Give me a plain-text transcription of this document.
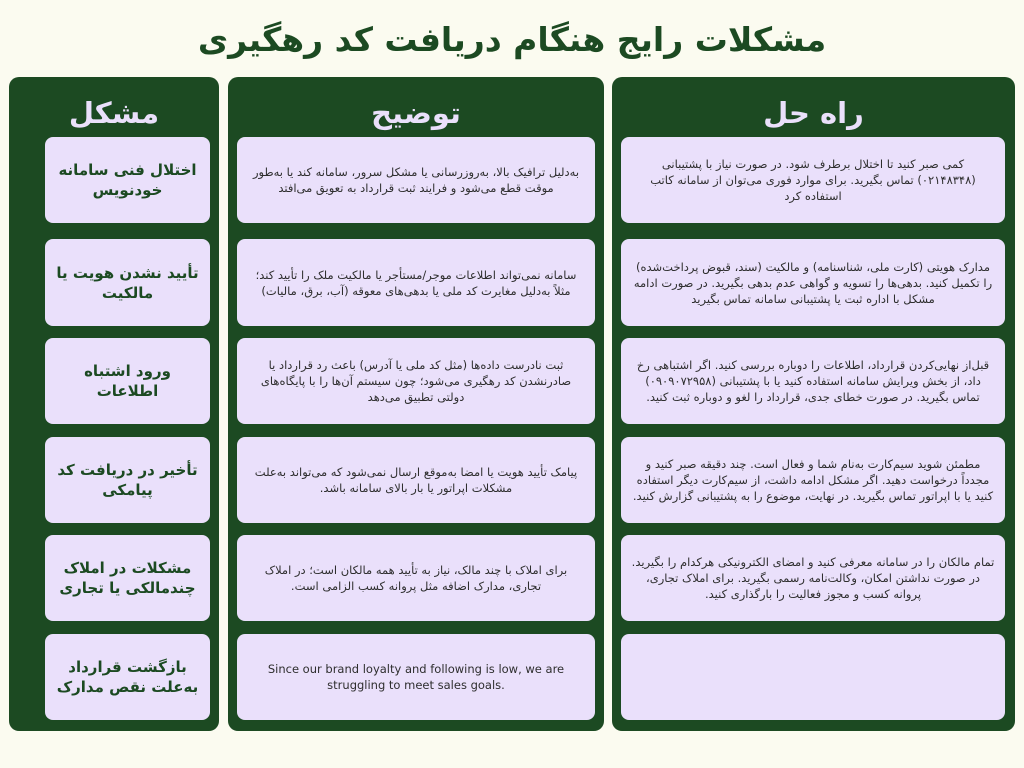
مشکلات رایج هنگام دریافت کد رهگیری
مشکل
اختلال فنی سامانه خودنویس
تأیید نشدن هویت یا مالکیت
ورود اشتباه اطلاعات
تأخیر در دریافت کد پیامکی
مشکلات در املاک چندمالکی یا تجاری
بازگشت قرارداد به‌علت نقص مدارک
توضیح
به‌دلیل ترافیک بالا، به‌روزرسانی یا مشکل سرور، سامانه کند یا به‌طور موقت قطع می‌شود و فرایند ثبت قرارداد به تعویق می‌افتد
سامانه نمی‌تواند اطلاعات موجر/مستأجر یا مالکیت ملک را تأیید کند؛ مثلاً به‌دلیل مغایرت کد ملی یا بدهی‌های معوقه (آب، برق، مالیات)
ثبت نادرست داده‌ها (مثل کد ملی یا آدرس) باعث رد قرارداد یا صادرنشدن کد رهگیری می‌شود؛ چون سیستم آن‌ها را با پایگاه‌های دولتی تطبیق می‌دهد
پیامک تأیید هویت یا امضا به‌موقع ارسال نمی‌شود که می‌تواند به‌علت مشکلات اپراتور یا بار بالای سامانه باشد.
برای املاک با چند مالک، نیاز به تأیید همه مالکان است؛ در املاک تجاری، مدارک اضافه مثل پروانه کسب الزامی است.
Since our brand loyalty and following is low, we are struggling to meet sales goals.
راه حل
کمی صبر کنید تا اختلال برطرف شود. در صورت نیاز با پشتیبانی (۰۲۱۴۸۳۴۸) تماس بگیرید. برای موارد فوری می‌توان از سامانه کاتب استفاده کرد
مدارک هویتی (کارت ملی، شناسنامه) و مالکیت (سند، قبوض پرداخت‌شده) را تکمیل کنید. بدهی‌ها را تسویه و گواهی عدم بدهی بگیرید. در صورت ادامه مشکل با اداره ثبت یا پشتیبانی سامانه تماس بگیرید
قبل‌از نهایی‌کردن قرارداد، اطلاعات را دوباره بررسی کنید. اگر اشتباهی رخ داد، از بخش ویرایش سامانه استفاده کنید یا با پشتیبانی (۰۹۰۹۰۷۲۹۵۸) تماس بگیرید. در صورت خطای جدی، قرارداد را لغو و دوباره ثبت کنید.
مطمئن شوید سیم‌کارت به‌نام شما و فعال است. چند دقیقه صبر کنید و مجدداً درخواست دهید. اگر مشکل ادامه داشت، از سیم‌کارت دیگر استفاده کنید یا با اپراتور تماس بگیرید. در نهایت، موضوع را به پشتیبانی گزارش کنید.
تمام مالکان را در سامانه معرفی کنید و امضای الکترونیکی هرکدام را بگیرید. در صورت نداشتن امکان، وکالت‌نامه رسمی بگیرید. برای املاک تجاری، پروانه کسب و مجوز فعالیت را بارگذاری کنید.
